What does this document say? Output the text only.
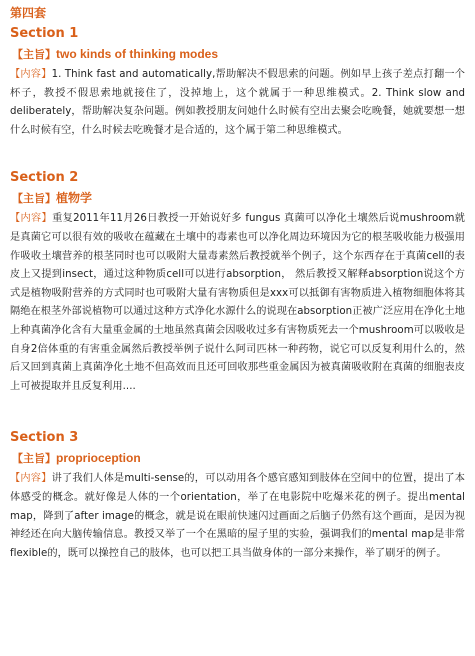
第四套
Section 1
【主旨】two kinds of thinking modes
【内容】1. Think fast and automatically,帮助解决不假思索的问题。例如早上孩子差点打翻一个杯子，教授不假思索地就接住了，没掉地上，这个就属于一种思维模式。2. Think slow and deliberately，帮助解决复杂问题。例如教授朋友问她什么时候有空出去聚会吃晚餐，她就要想一想什么时候有空，什么时候去吃晚餐才是合适的，这个属于第二种思维模式。
Section 2
【主旨】植物学
【内容】重复2011年11月26日教授一开始说好多 fungus 真菌可以净化土壤然后说mushroom就是真菌它可以很有效的吸收在蕴藏在土壤中的毒素也可以净化周边环境因为它的根茎吸收能力极强用作吸收土壤营养的根茎同时也可以吸附大量毒素然后教授就举个例子，这个东西存在于真菌cell的表皮上又提到insect，通过这种物质cell可以进行absorption， 然后教授又解释absorption说这个方式是植物吸附营养的方式同时也可吸附大量有害物质但是xxx可以抵御有害物质进入植物细胞体将其隔绝在根茎外部说植物可以通过这种方式净化水源什么的说现在absorption正被广泛应用在净化土地上种真菌净化含有大量重金属的土地虽然真菌会因吸收过多有害物质死去一个mushroom可以吸收是自身2倍体重的有害重金属然后教授举例子说什么阿司匹林一种药物，说它可以反复利用什么的，然后又回到真菌上真菌净化土地不但高效而且还可回收那些重金属因为被真菌吸收附在真菌的细胞表皮上可被提取并且反复利用....
Section 3
【主旨】proprioception
【内容】讲了我们人体是multi-sense的，可以动用各个感官感知到肢体在空间中的位置，提出了本体感受的概念。就好像是人体的一个orientation，举了在电影院中吃爆米花的例子。提出mental map，降到了after image的概念，就是说在眼前快速闪过画面之后脑子仍然有这个画面，是因为视神经还在向大脑传输信息。教授又举了一个在黑暗的屋子里的实验，强调我们的mental map是非常flexible的，既可以操控自己的肢体，也可以把工具当做身体的一部分来操作，举了刷牙的例子。
